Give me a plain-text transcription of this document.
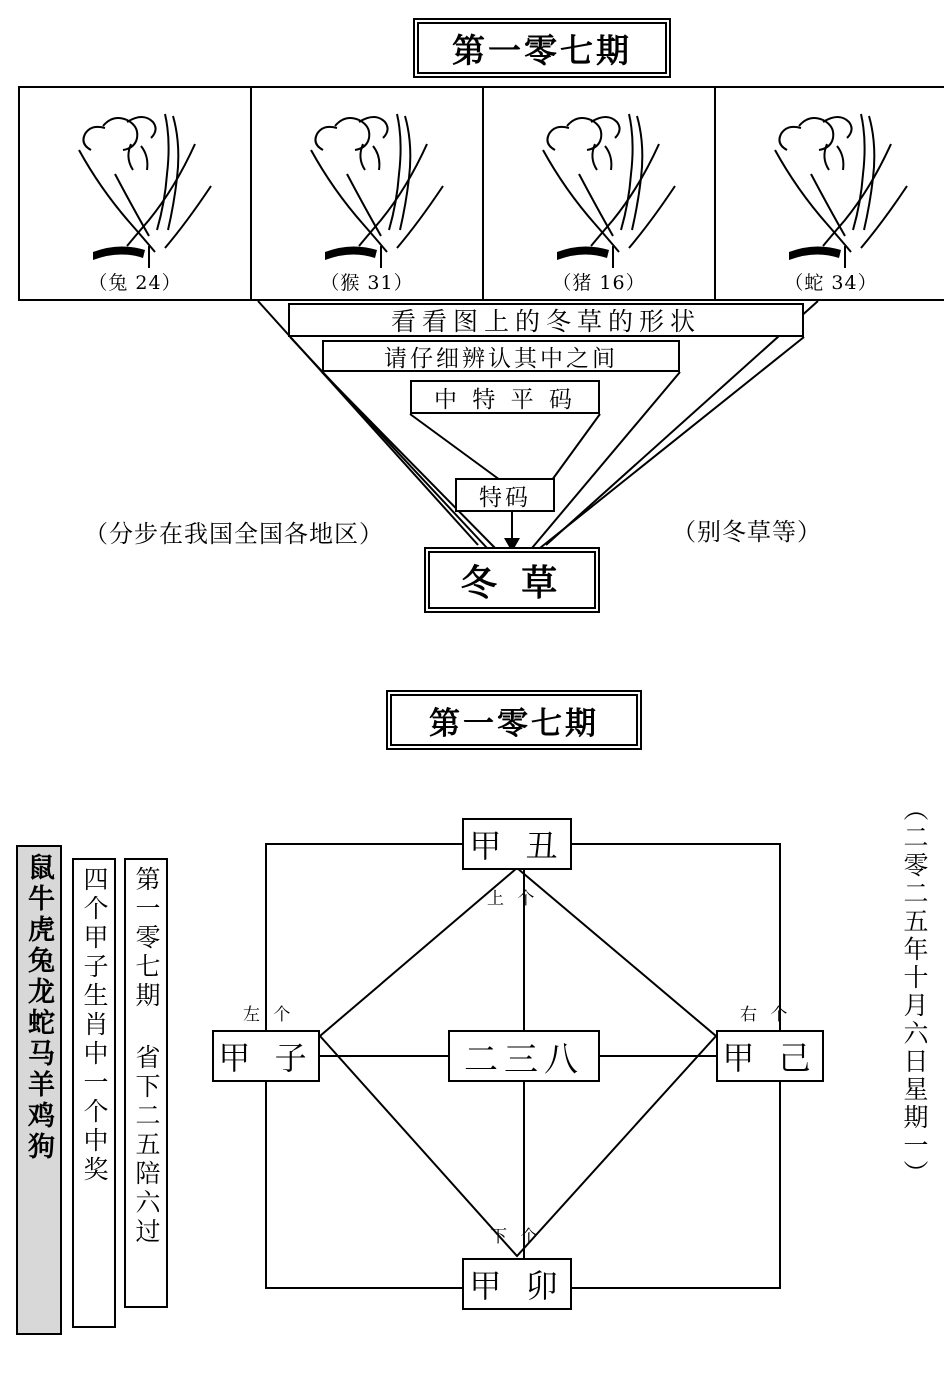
第一零七期
（兔 24）	（猴 31）	（猪 16）	（蛇 34）
看看图上的冬草的形状
请仔细辨认其中之间
中 特 平 码
特码
冬 草
（分步在我国全国各地区）	（别冬草等）
第一零七期
鼠牛虎兔龙蛇马羊鸡狗	四个甲子生肖中一个中奖 第一零七期 省下二五陪六过	（二零二五年十月六日星期一）
甲 丑
甲 子	甲 己
甲 卯
二三八
上 个
左 个	右 个
下 个
